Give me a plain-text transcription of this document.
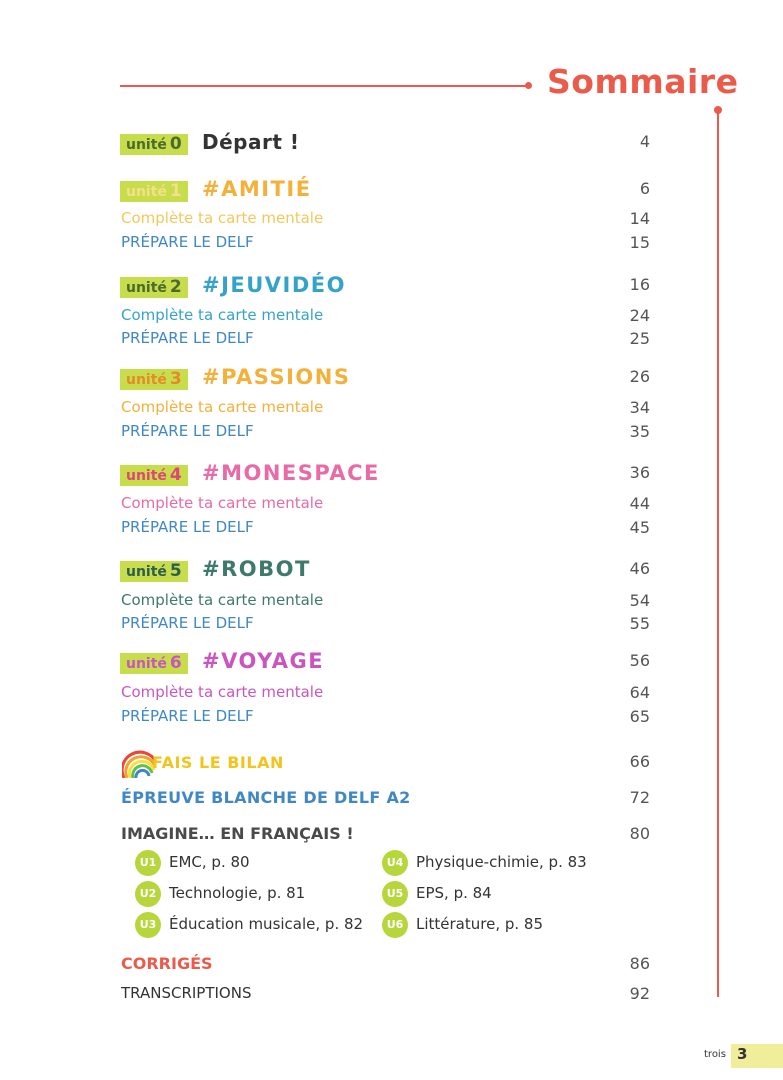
Sommaire
unité 0	Départ !	4
unité 1 #AMITIÉ	6
Complète ta carte mentale	14
PRÉPARE LE DELF	15
unité 2 #JEUVIDÉO	16
Complète ta carte mentale	24
PRÉPARE LE DELF	25
unité 3 #PASSIONS	26
Complète ta carte mentale	34
PRÉPARE LE DELF	35
unité 4 #MONESPACE	36
Complète ta carte mentale	44
PRÉPARE LE DELF	45
unité 5 #ROBOT	46
Complète ta carte mentale	54
PRÉPARE LE DELF	55
unité 6 #VOYAGE	56
Complète ta carte mentale	64
PRÉPARE LE DELF	65
FAIS LE BILAN	66
ÉPREUVE BLANCHE DE DELF A2	72
IMAGINE… EN FRANÇAIS !	80
U1 EMC, p. 80
U2 Technologie, p. 81
U3 Éducation musicale, p. 82
U4 Physique-chimie, p. 83
U5 EPS, p. 84
U6 Littérature, p. 85
CORRIGÉS	86
TRANSCRIPTIONS	92
trois 3
